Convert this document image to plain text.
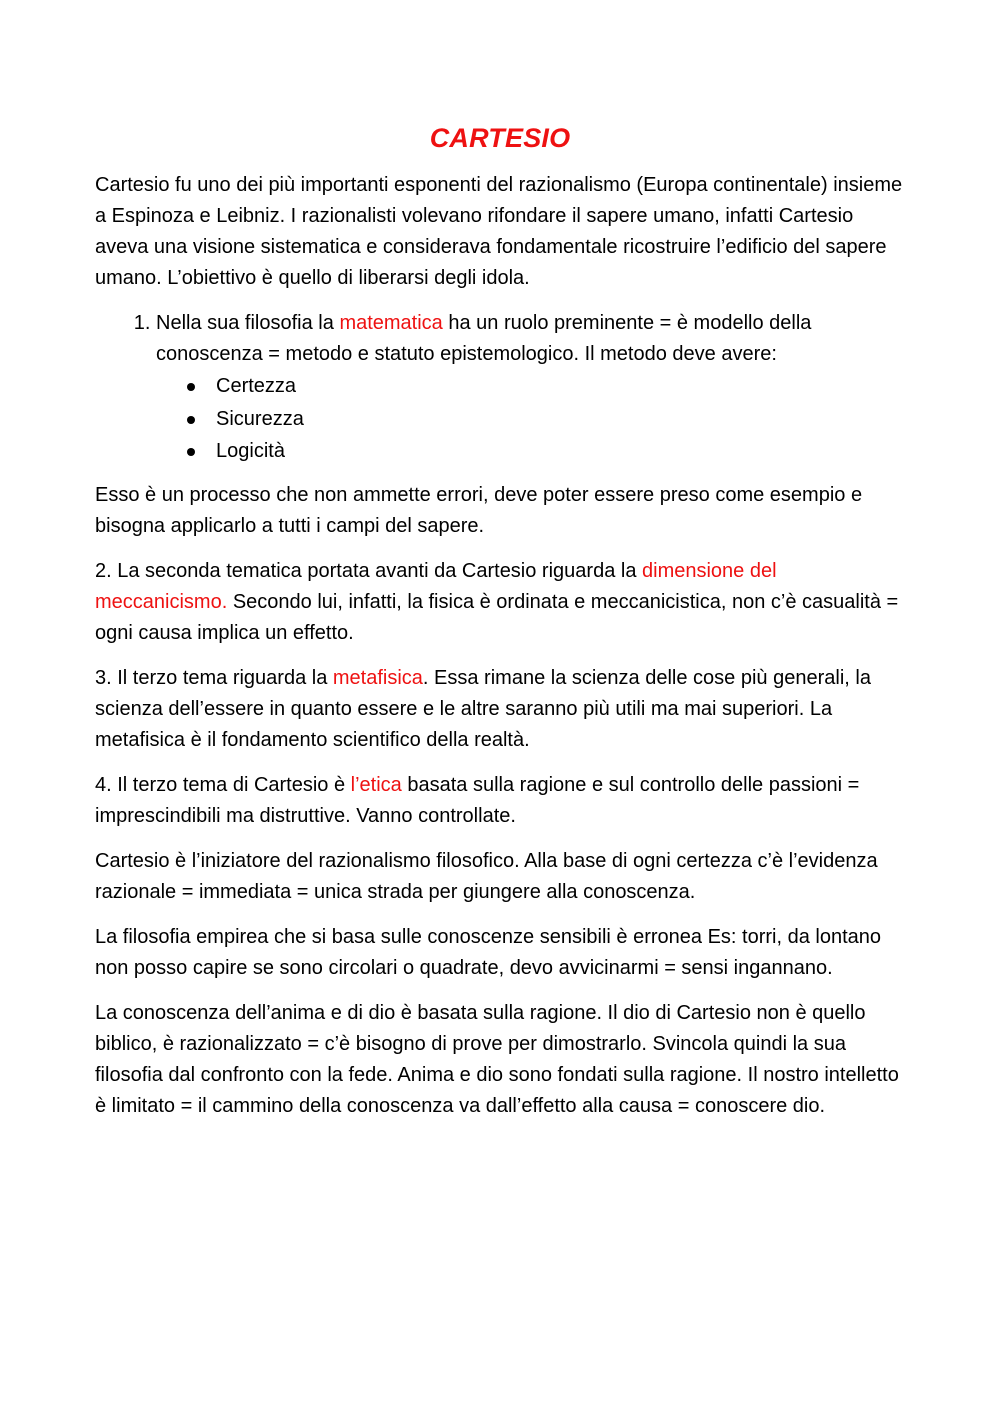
CARTESIO

Cartesio fu uno dei più importanti esponenti del razionalismo (Europa continentale) insieme a Espinoza e Leibniz. I razionalisti volevano rifondare il sapere umano, infatti Cartesio aveva una visione sistematica e considerava fondamentale ricostruire l’edificio del sapere umano. L’obiettivo è quello di liberarsi degli idola.

1. Nella sua filosofia la matematica ha un ruolo preminente = è modello della conoscenza = metodo e statuto epistemologico. Il metodo deve avere:
Certezza
Sicurezza
Logicità

Esso è un processo che non ammette errori, deve poter essere preso come esempio e bisogna applicarlo a tutti i campi del sapere.

2. La seconda tematica portata avanti da Cartesio riguarda la dimensione del meccanicismo. Secondo lui, infatti, la fisica è ordinata e meccanicistica, non c’è casualità = ogni causa implica un effetto.

3. Il terzo tema riguarda la metafisica. Essa rimane la scienza delle cose più generali, la scienza dell’essere in quanto essere e le altre saranno più utili ma mai superiori. La metafisica è il fondamento scientifico della realtà.

4. Il terzo tema di Cartesio è l’etica basata sulla ragione e sul controllo delle passioni = imprescindibili ma distruttive. Vanno controllate.

Cartesio è l’iniziatore del razionalismo filosofico. Alla base di ogni certezza c’è l’evidenza razionale = immediata = unica strada per giungere alla conoscenza.

La filosofia empirea che si basa sulle conoscenze sensibili è erronea Es: torri, da lontano non posso capire se sono circolari o quadrate, devo avvicinarmi = sensi ingannano.

La conoscenza dell’anima e di dio è basata sulla ragione. Il dio di Cartesio non è quello biblico, è razionalizzato = c’è bisogno di prove per dimostrarlo. Svincola quindi la sua filosofia dal confronto con la fede. Anima e dio sono fondati sulla ragione. Il nostro intelletto è limitato = il cammino della conoscenza va dall’effetto alla causa = conoscere dio.
